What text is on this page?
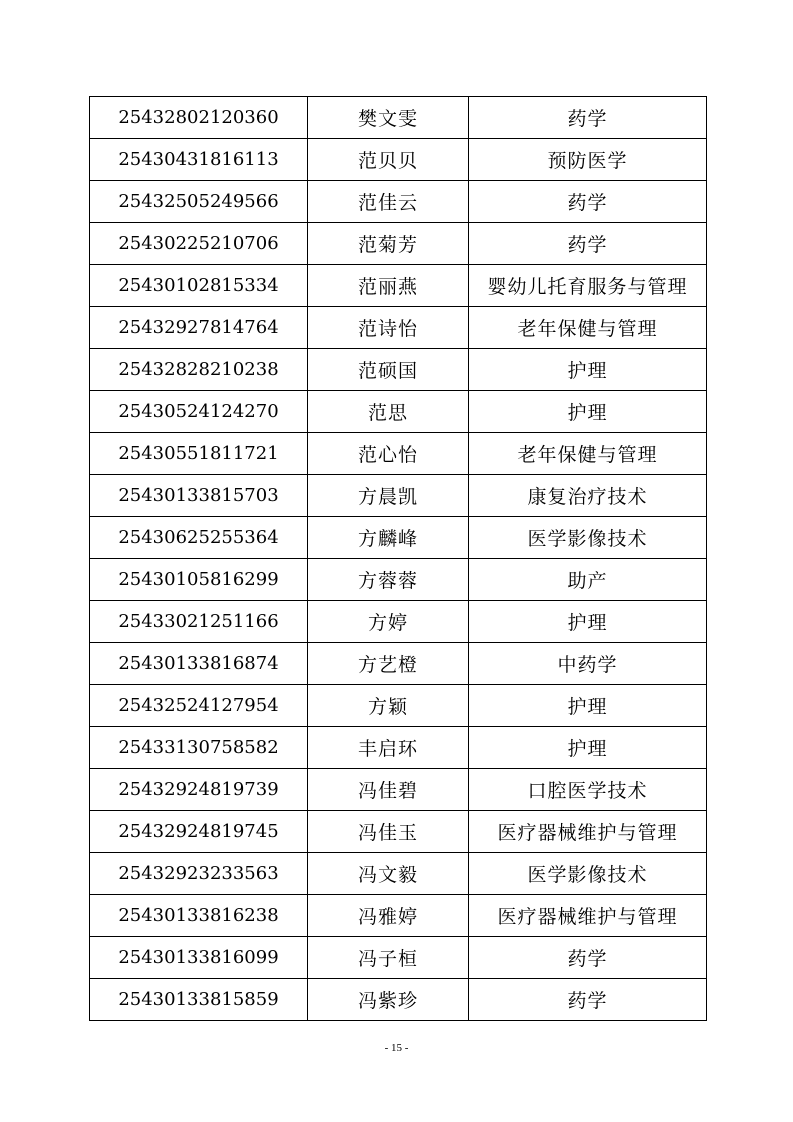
25432802120360	樊文雯	药学
25430431816113	范贝贝	预防医学
25432505249566	范佳云	药学
25430225210706	范菊芳	药学
25430102815334	范丽燕	婴幼儿托育服务与管理
25432927814764	范诗怡	老年保健与管理
25432828210238	范硕国	护理
25430524124270	范思	护理
25430551811721	范心怡	老年保健与管理
25430133815703	方晨凯	康复治疗技术
25430625255364	方麟峰	医学影像技术
25430105816299	方蓉蓉	助产
25433021251166	方婷	护理
25430133816874	方艺橙	中药学
25432524127954	方颖	护理
25433130758582	丰启环	护理
25432924819739	冯佳碧	口腔医学技术
25432924819745	冯佳玉	医疗器械维护与管理
25432923233563	冯文毅	医学影像技术
25430133816238	冯雅婷	医疗器械维护与管理
25430133816099	冯子桓	药学
25430133815859	冯紫珍	药学
- 15 -
